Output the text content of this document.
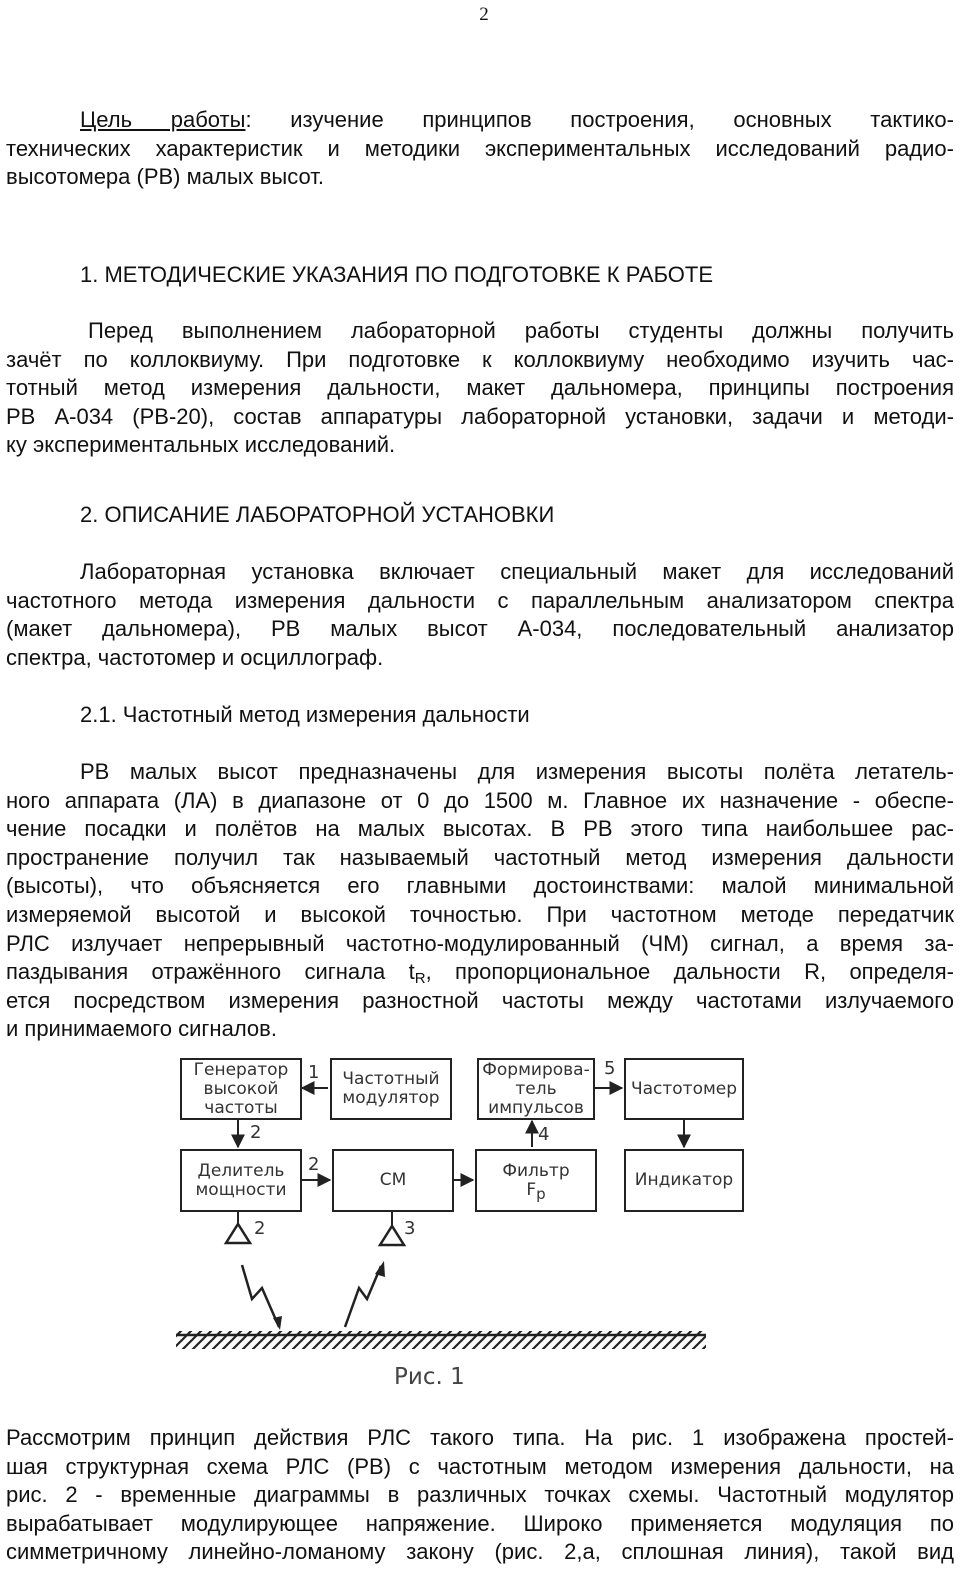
2
Цель работы: изучение принципов построения, основных тактико-
технических характеристик и методики экспериментальных исследований радио-
высотомера (РВ) малых высот.
1. МЕТОДИЧЕСКИЕ УКАЗАНИЯ ПО ПОДГОТОВКЕ К РАБОТЕ
Перед выполнением лабораторной работы студенты должны получить
зачёт по коллоквиуму. При подготовке к коллоквиуму необходимо изучить час-
тотный метод измерения дальности, макет дальномера, принципы построения
РВ А-034 (РВ-20), состав аппаратуры лабораторной установки, задачи и методи-
ку экспериментальных исследований.
2. ОПИСАНИЕ ЛАБОРАТОРНОЙ УСТАНОВКИ
Лабораторная установка включает специальный макет для исследований
частотного метода измерения дальности с параллельным анализатором спектра
(макет дальномера), РВ малых высот А-034, последовательный анализатор
спектра, частотомер и осциллограф.
2.1. Частотный метод измерения дальности
РВ малых высот предназначены для измерения высоты полёта летатель-
ного аппарата (ЛА) в диапазоне от 0 до 1500 м. Главное их назначение - обеспе-
чение посадки и полётов на малых высотах. В РВ этого типа наибольшее рас-
пространение получил так называемый частотный метод измерения дальности
(высоты), что объясняется его главными достоинствами: малой минимальной
измеряемой высотой и высокой точностью. При частотном методе передатчик
РЛС излучает непрерывный частотно-модулированный (ЧМ) сигнал, а время за-
паздывания отражённого сигнала $t_R$, пропорциональное дальности R, определя-
ется посредством измерения разностной частоты между частотами излучаемого
и принимаемого сигналов.
Генератор
высокой
частоты
Частотный
модулятор
Формирова-
тель
импульсов
Частотомер
Делитель
мощности	СМ	Фильтр
$F_р$
Индикатор
1
2
2
2	3
4
5
Рис. 1
Рассмотрим принцип действия РЛС такого типа. На рис. 1 изображена простей-
шая структурная схема РЛС (РВ) с частотным методом измерения дальности, на
рис. 2 - временные диаграммы в различных точках схемы. Частотный модулятор
вырабатывает модулирующее напряжение. Широко применяется модуляция по
симметричному линейно-ломаному закону (рис. 2,а, сплошная линия), такой вид
